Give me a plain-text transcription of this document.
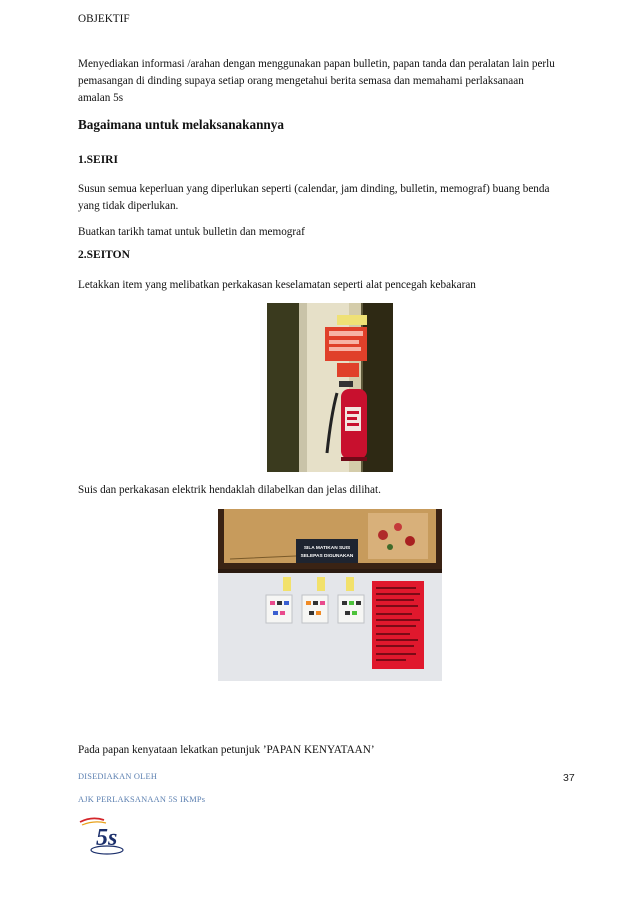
OBJEKTIF

Menyediakan informasi /arahan dengan menggunakan papan bulletin, papan tanda dan peralatan lain perlu

pemasangan di dinding supaya setiap orang mengetahui berita semasa dan memahami perlaksanaan

amalan 5s

Bagaimana untuk melaksanakannya
1.SEIRI

Susun semua keperluan yang diperlukan seperti (calendar, jam dinding, bulletin, memograf) buang benda

yang tidak diperlukan.

Buatkan tarikh tamat untuk bulletin dan memograf

2.SEITON

Letakkan item yang melibatkan perkakasan keselamatan seperti alat pencegah kebakaran

Suis dan perkakasan elektrik hendaklah dilabelkan dan jelas dilihat.

SILA MATIKAN SUIS
SELEPAS DIGUNAKAN

Pada papan kenyataan lekatkan petunjuk ’PAPAN KENYATAAN’

DISEDIAKAN OLEH	37

AJK PERLAKSANAAN 5S IKMPs

5s
